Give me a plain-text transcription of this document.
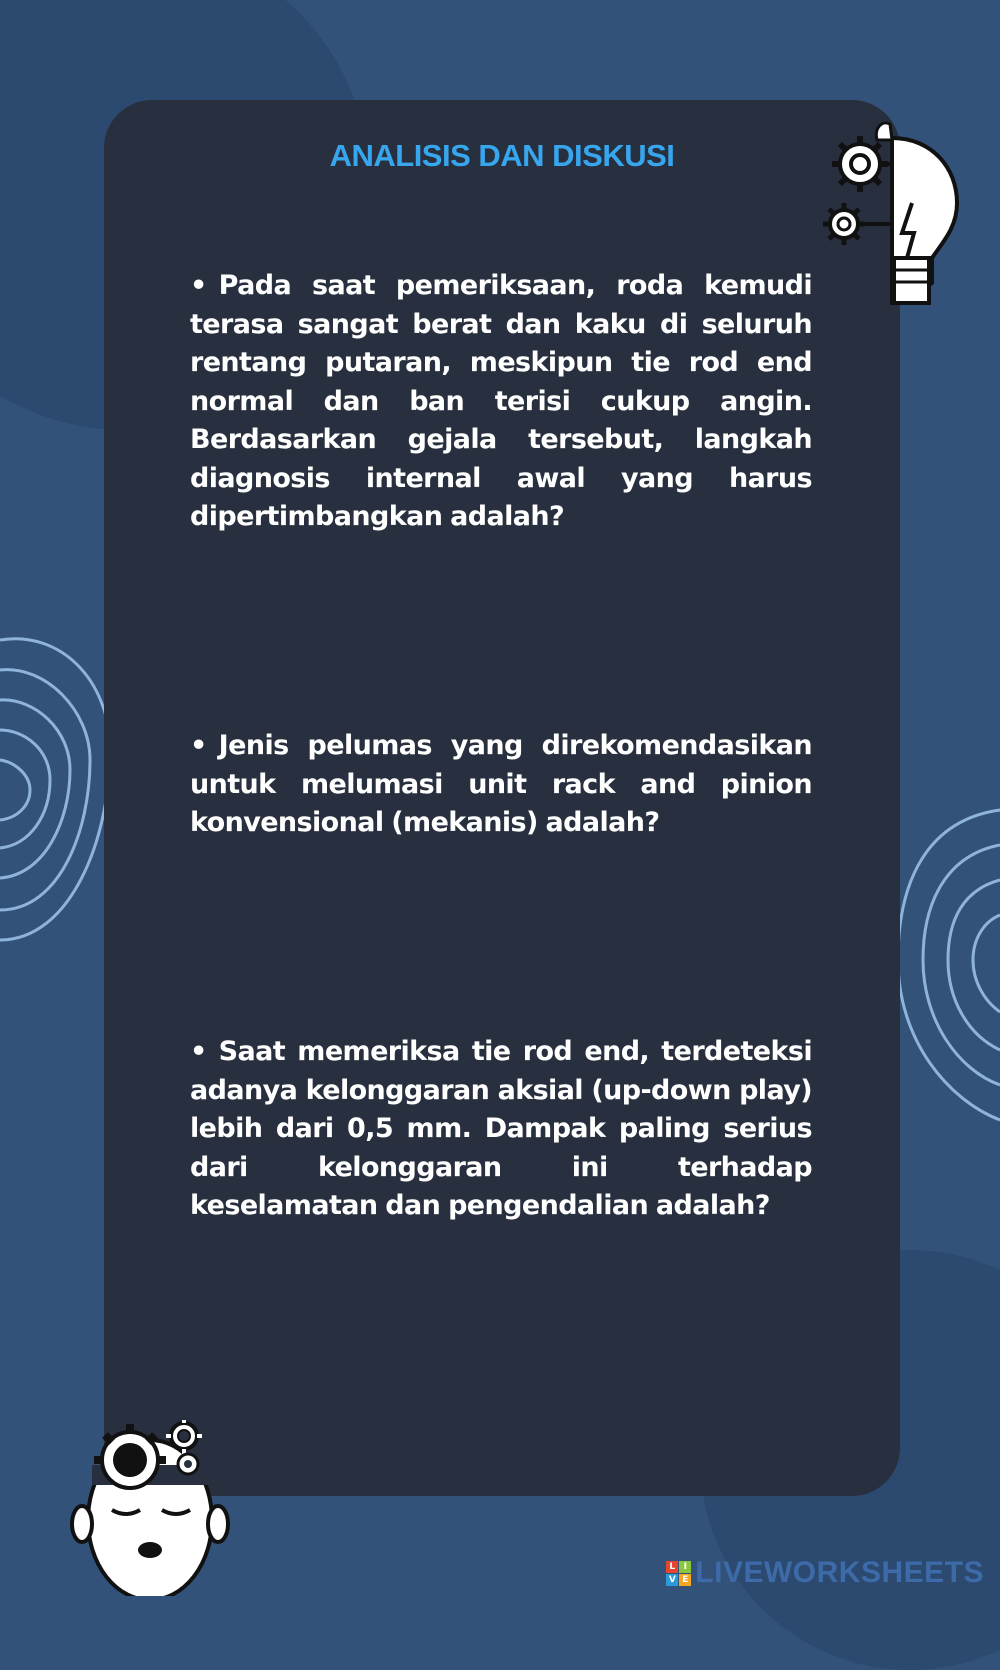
ANALISIS DAN DISKUSI

• Pada saat pemeriksaan, roda kemudi terasa sangat berat dan kaku di seluruh rentang putaran, meskipun tie rod end normal dan ban terisi cukup angin. Berdasarkan gejala tersebut, langkah diagnosis internal awal yang harus dipertimbangkan adalah?

• Jenis pelumas yang direkomendasikan untuk melumasi unit rack and pinion konvensional (mekanis) adalah?

• Saat memeriksa tie rod end, terdeteksi adanya kelonggaran aksial (up-down play) lebih dari 0,5 mm. Dampak paling serius dari kelonggaran ini terhadap keselamatan dan pengendalian adalah?

L I
V E LIVEWORKSHEETS
